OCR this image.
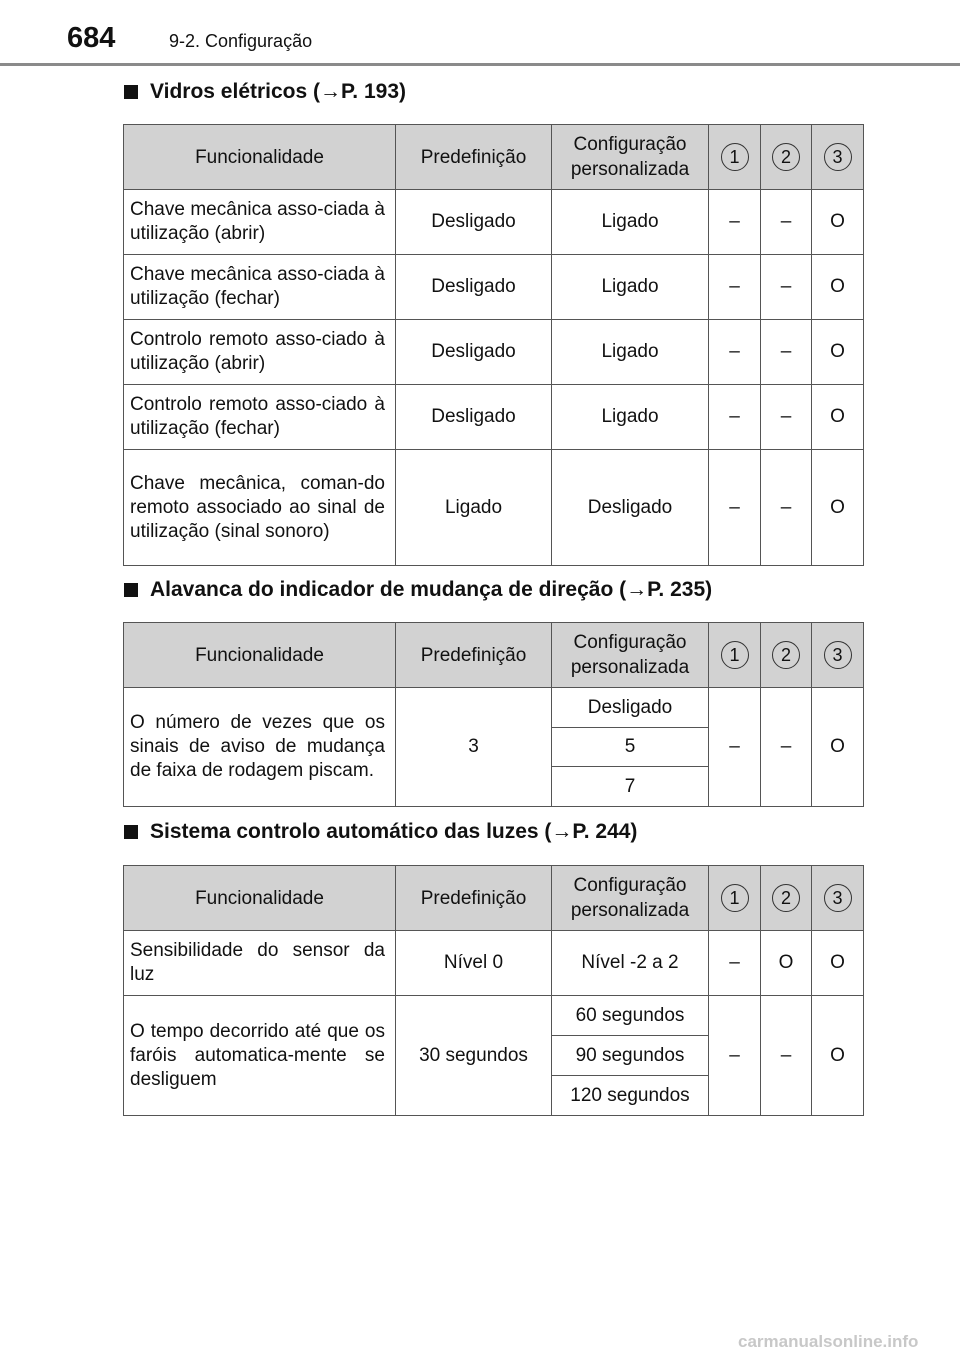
684	9-2. Configuração
Vidros elétricos (→P. 193)
Funcionalidade	Predefinição	Configuração personalizada	1	2	3
Chave mecânica asso-ciada à utilização (abrir)	Desligado	Ligado	–	–	O
Chave mecânica asso-ciada à utilização (fechar)	Desligado	Ligado	–	–	O
Controlo remoto asso-ciado à utilização (abrir)	Desligado	Ligado	–	–	O
Controlo remoto asso-ciado à utilização (fechar)	Desligado	Ligado	–	–	O
Chave mecânica, coman-do remoto associado ao sinal de utilização (sinal sonoro)	Ligado	Desligado	–	–	O
Alavanca do indicador de mudança de direção (→P. 235)
Funcionalidade	Predefinição	Configuração personalizada	1	2	3
O número de vezes que os sinais de aviso de mudança de faixa de rodagem piscam.	3	Desligado	–	–	O
		5			
		7			
Sistema controlo automático das luzes (→P. 244)
Funcionalidade	Predefinição	Configuração personalizada	1	2	3
Sensibilidade do sensor da luz	Nível 0	Nível -2 a 2	–	O	O
O tempo decorrido até que os faróis automatica-mente se desliguem	30 segundos	60 segundos	–	–	O
		90 segundos			
		120 segundos			
carmanualsonline.info
